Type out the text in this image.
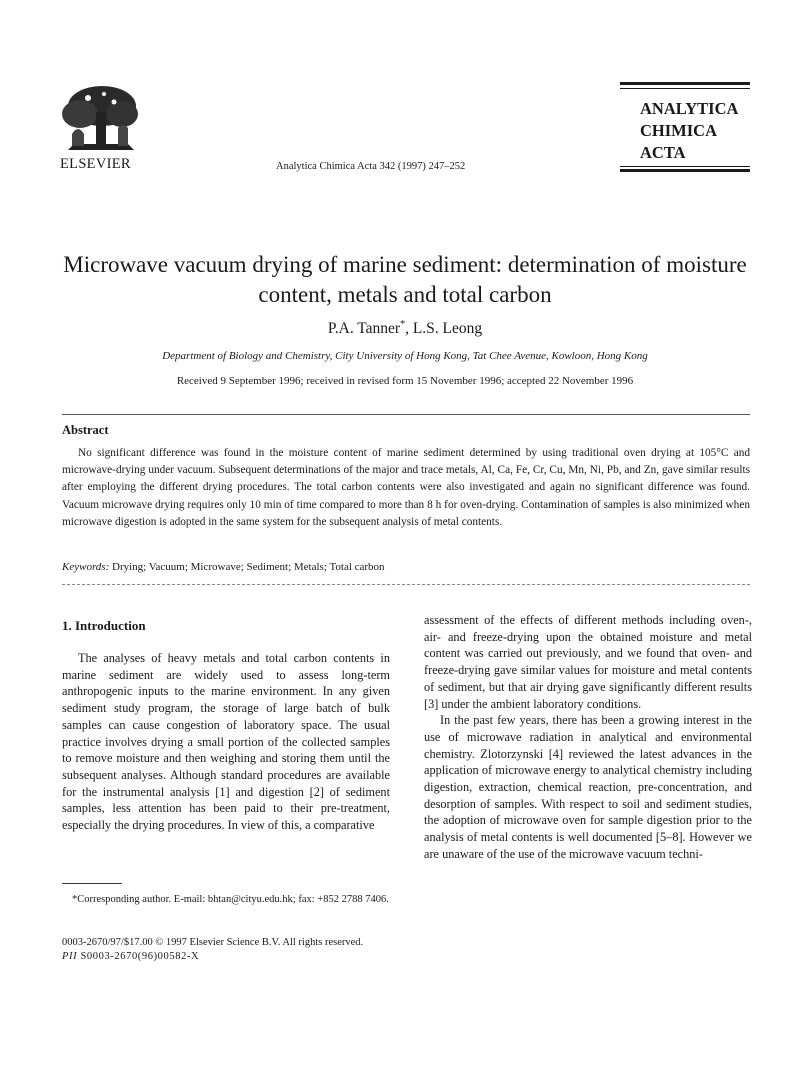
ELSEVIER	Analytica Chimica Acta 342 (1997) 247–252
ANALYTICA
CHIMICA
ACTA
Microwave vacuum drying of marine sediment: determination of moisture content, metals and total carbon
P.A. Tanner*, L.S. Leong
Department of Biology and Chemistry, City University of Hong Kong, Tat Chee Avenue, Kowloon, Hong Kong
Received 9 September 1996; received in revised form 15 November 1996; accepted 22 November 1996
Abstract

No significant difference was found in the moisture content of marine sediment determined by using traditional oven drying at 105°C and microwave-drying under vacuum. Subsequent determinations of the major and trace metals, Al, Ca, Fe, Cr, Cu, Mn, Ni, Pb, and Zn, gave similar results after employing the different drying procedures. The total carbon contents were also investigated and again no significant difference was found. Vacuum microwave drying requires only 10 min of time compared to more than 8 h for oven-drying. Contamination of samples is also minimized when microwave digestion is adopted in the same system for the subsequent analysis of metal contents.

Keywords: Drying; Vacuum; Microwave; Sediment; Metals; Total carbon
1. Introduction

The analyses of heavy metals and total carbon contents in marine sediment are widely used to assess long-term anthropogenic inputs to the marine environment. In any given sediment study program, the storage of large batch of bulk samples can cause congestion of laboratory space. The usual practice involves drying a small portion of the collected samples to remove moisture and then weighing and storing them until the subsequent analyses. Although standard procedures are available for the instrumental analysis [1] and digestion [2] of sediment samples, less attention has been paid to their pre-treatment, especially the drying procedures. In view of this, a comparative

assessment of the effects of different methods including oven-, air- and freeze-drying upon the obtained moisture and metal content was carried out previously, and we found that oven- and freeze-drying gave similar values for moisture and metal contents of sediment, but that air drying gave significantly different results [3] under the ambient laboratory conditions.

In the past few years, there has been a growing interest in the use of microwave radiation in analytical and environmental chemistry. Zlotorzynski [4] reviewed the latest advances in the application of microwave energy to analytical chemistry including digestion, extraction, chemical reaction, pre-concentration, and desorption of samples. With respect to soil and sediment studies, the adoption of microwave oven for sample digestion prior to the analysis of metal contents is well documented [5–8]. However we are unaware of the use of the microwave vacuum techni-

*Corresponding author. E-mail: bhtan@cityu.edu.hk; fax: +852 2788 7406.
0003-2670/97/$17.00 © 1997 Elsevier Science B.V. All rights reserved.
PII S0003-2670(96)00582-X
